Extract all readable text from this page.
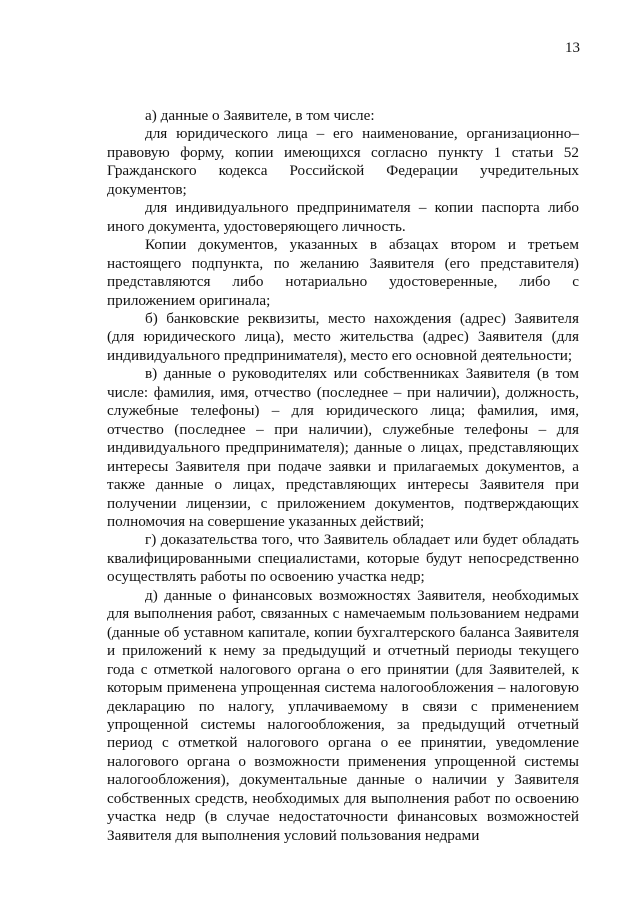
13

а) данные о Заявителе, в том числе:

для юридического лица – его наименование, организационно–правовую форму, копии имеющихся согласно пункту 1 статьи 52 Гражданского кодекса Российской Федерации учредительных документов;

для индивидуального предпринимателя – копии паспорта либо иного документа, удостоверяющего личность.

Копии документов, указанных в абзацах втором и третьем настоящего подпункта, по желанию Заявителя (его представителя) представляются либо нотариально удостоверенные, либо с приложением оригинала;

б) банковские реквизиты, место нахождения (адрес) Заявителя (для юридического лица), место жительства (адрес) Заявителя (для индивидуального предпринимателя), место его основной деятельности;

в) данные о руководителях или собственниках Заявителя (в том числе: фамилия, имя, отчество (последнее – при наличии), должность, служебные телефоны) – для юридического лица; фамилия, имя, отчество (последнее – при наличии), служебные телефоны – для индивидуального предпринимателя); данные о лицах, представляющих интересы Заявителя при подаче заявки и прилагаемых документов, а также данные о лицах, представляющих интересы Заявителя при получении лицензии, с приложением документов, подтверждающих полномочия на совершение указанных действий;

г) доказательства того, что Заявитель обладает или будет обладать квалифицированными специалистами, которые будут непосредственно осуществлять работы по освоению участка недр;

д) данные о финансовых возможностях Заявителя, необходимых для выполнения работ, связанных с намечаемым пользованием недрами (данные об уставном капитале, копии бухгалтерского баланса Заявителя и приложений к нему за предыдущий и отчетный периоды текущего года с отметкой налогового органа о его принятии (для Заявителей, к которым применена упрощенная система налогообложения – налоговую декларацию по налогу, уплачиваемому в связи с применением упрощенной системы налогообложения, за предыдущий отчетный период с отметкой налогового органа о ее принятии, уведомление налогового органа о возможности применения упрощенной системы налогообложения), документальные данные о наличии у Заявителя собственных средств, необходимых для выполнения работ по освоению участка недр (в случае недостаточности финансовых возможностей Заявителя для выполнения условий пользования недрами
